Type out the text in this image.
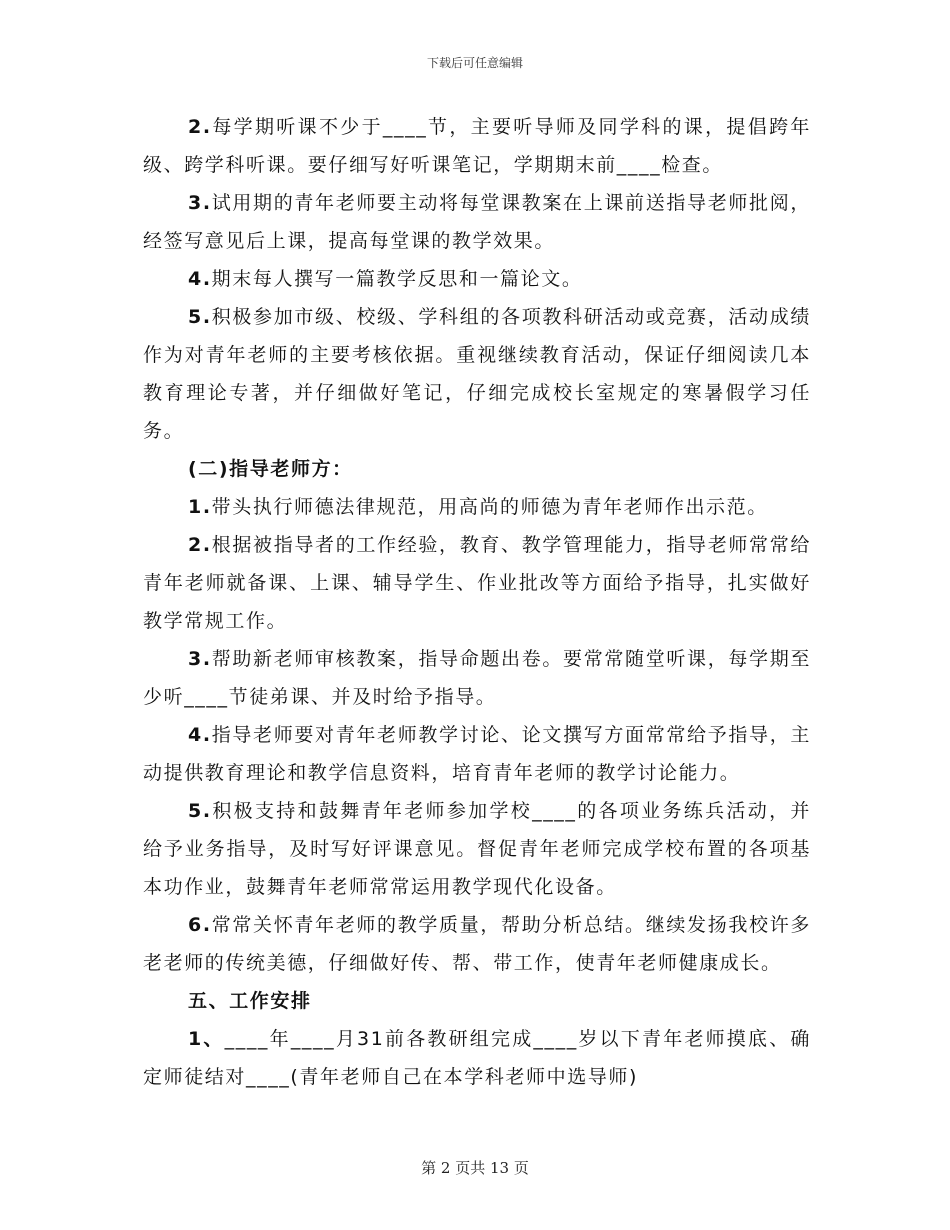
下载后可任意编辑

2.每学期听课不少于____节，主要听导师及同学科的课，提倡跨年级、跨学科听课。要仔细写好听课笔记，学期期末前____检查。

3.试用期的青年老师要主动将每堂课教案在上课前送指导老师批阅，经签写意见后上课，提高每堂课的教学效果。

4.期末每人撰写一篇教学反思和一篇论文。

5.积极参加市级、校级、学科组的各项教科研活动或竞赛，活动成绩作为对青年老师的主要考核依据。重视继续教育活动，保证仔细阅读几本教育理论专著，并仔细做好笔记，仔细完成校长室规定的寒暑假学习任务。

(二)指导老师方：

1.带头执行师德法律规范，用高尚的师德为青年老师作出示范。

2.根据被指导者的工作经验，教育、教学管理能力，指导老师常常给青年老师就备课、上课、辅导学生、作业批改等方面给予指导，扎实做好教学常规工作。

3.帮助新老师审核教案，指导命题出卷。要常常随堂听课，每学期至少听____节徒弟课、并及时给予指导。

4.指导老师要对青年老师教学讨论、论文撰写方面常常给予指导，主动提供教育理论和教学信息资料，培育青年老师的教学讨论能力。

5.积极支持和鼓舞青年老师参加学校____的各项业务练兵活动，并给予业务指导，及时写好评课意见。督促青年老师完成学校布置的各项基本功作业，鼓舞青年老师常常运用教学现代化设备。

6.常常关怀青年老师的教学质量，帮助分析总结。继续发扬我校许多老老师的传统美德，仔细做好传、帮、带工作，使青年老师健康成长。

五、工作安排

1、____年____月31前各教研组完成____岁以下青年老师摸底、确定师徒结对____(青年老师自己在本学科老师中选导师)

第 2 页共 13 页
